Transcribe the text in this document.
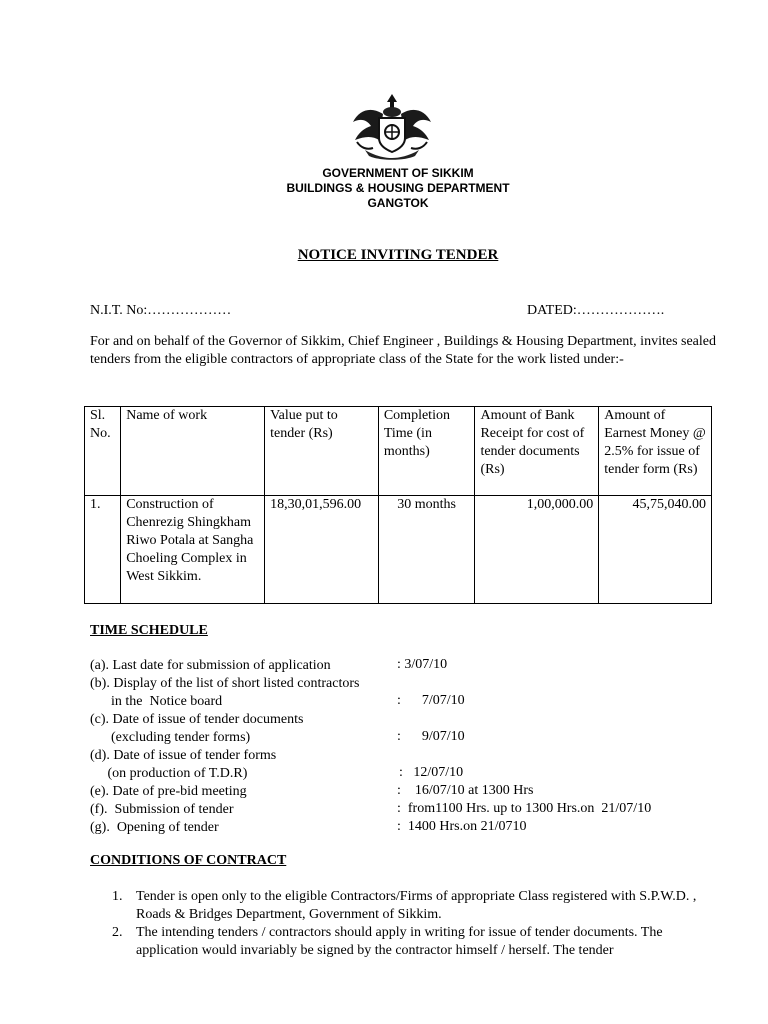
GOVERNMENT OF SIKKIM
BUILDINGS & HOUSING DEPARTMENT
GANGTOK
NOTICE INVITING TENDER
N.I.T. No:………………	DATED:……………….
For and on behalf of the Governor of Sikkim, Chief Engineer , Buildings & Housing Department, invites sealed tenders from the eligible contractors of appropriate class of the State for the work listed under:-
Sl. No.	Name of work	Value put to tender (Rs)	Completion Time (in months)	Amount of Bank Receipt for cost of tender documents (Rs)	Amount of Earnest Money @ 2.5% for issue of tender form (Rs)
1.	Construction of Chenrezig Shingkham Riwo Potala at Sangha Choeling Complex in West Sikkim.	18,30,01,596.00	30 months	1,00,000.00	45,75,040.00
TIME SCHEDULE
(a). Last date for submission of application	: 3/07/10
(b). Display of the list of short listed contractors
in the  Notice board	:      7/07/10
(c). Date of issue of tender documents
(excluding tender forms)	:      9/07/10
(d). Date of issue of tender forms
(on production of T.D.R)	:   12/07/10
(e). Date of pre-bid meeting	:    16/07/10 at 1300 Hrs
(f).  Submission of tender	:  from1100 Hrs. up to 1300 Hrs.on  21/07/10
(g).  Opening of tender	:  1400 Hrs.on 21/0710
CONDITIONS OF CONTRACT
1. Tender is open only to the eligible Contractors/Firms of appropriate Class registered with S.P.W.D. , Roads & Bridges Department, Government of Sikkim.
2. The intending tenders / contractors should apply in writing for issue of tender documents. The application would invariably be signed by the contractor himself / herself. The tender
